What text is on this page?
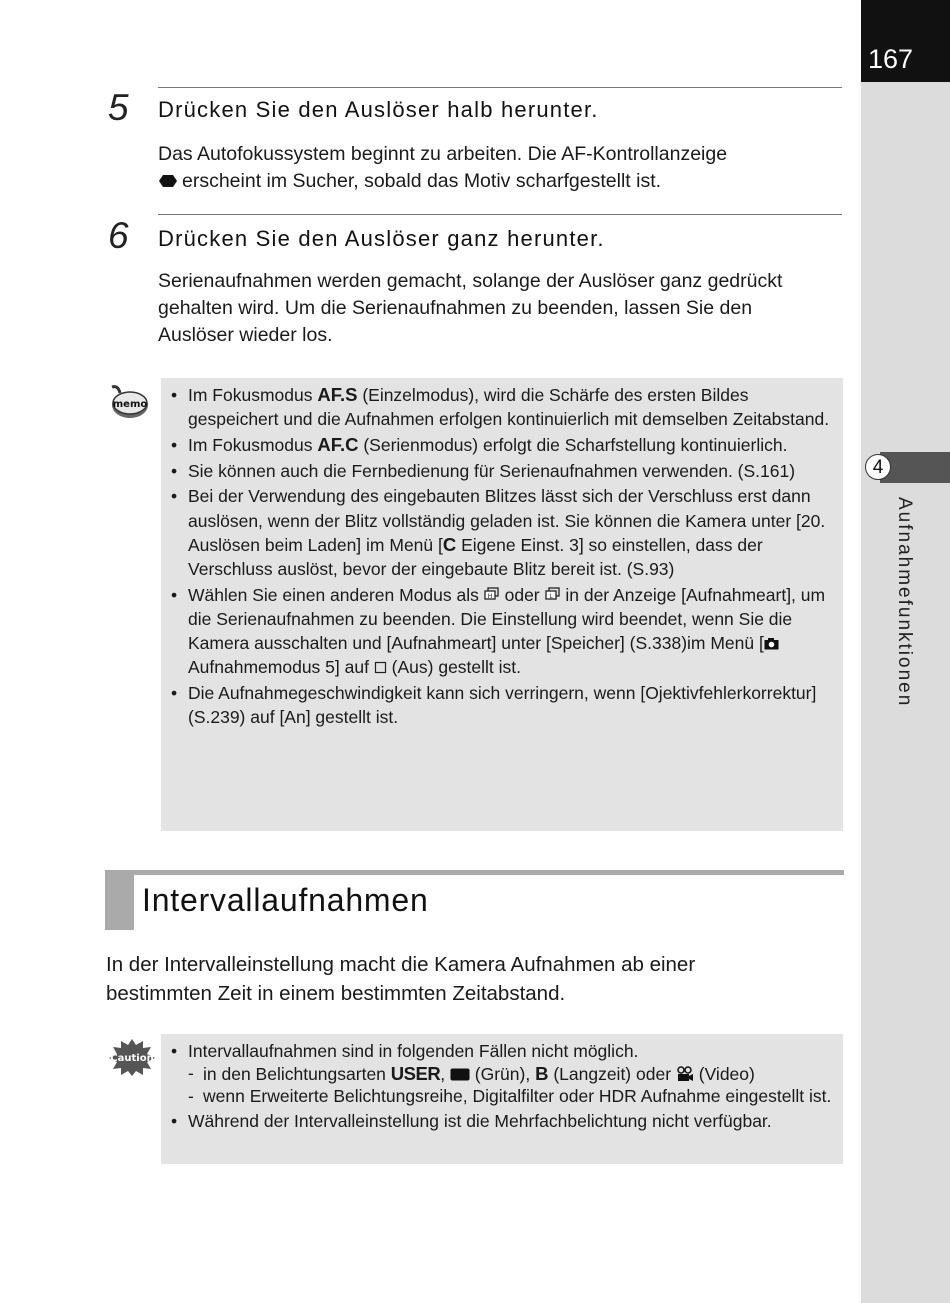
167
4
Aufnahmefunktionen
5 Drücken Sie den Auslöser halb herunter.

Das Autofokussystem beginnt zu arbeiten. Die AF-Kontrollanzeige
erscheint im Sucher, sobald das Motiv scharfgestellt ist.

6 Drücken Sie den Auslöser ganz herunter.

Serienaufnahmen werden gemacht, solange der Auslöser ganz gedrückt
gehalten wird. Um die Serienaufnahmen zu beenden, lassen Sie den
Auslöser wieder los.

memo • Im Fokusmodus AF.S (Einzelmodus), wird die Schärfe des ersten Bildes gespeichert und die Aufnahmen erfolgen kontinuierlich mit demselben Zeitabstand.
• Im Fokusmodus AF.C (Serienmodus) erfolgt die Scharfstellung kontinuierlich.
• Sie können auch die Fernbedienung für Serienaufnahmen verwenden. (S.161)
• Bei der Verwendung des eingebauten Blitzes lässt sich der Verschluss erst dann auslösen, wenn der Blitz vollständig geladen ist. Sie können die Kamera unter [20. Auslösen beim Laden] im Menü [C Eigene Einst. 3] so einstellen, dass der Verschluss auslöst, bevor der eingebaute Blitz bereit ist. (S.93)
• Wählen Sie einen anderen Modus als H oder L in der Anzeige [Aufnahmeart], um die Serienaufnahmen zu beenden. Die Einstellung wird beendet, wenn Sie die Kamera ausschalten und [Aufnahmeart] unter [Speicher] (S.338)im Menü [ Aufnahmemodus 5] auf  (Aus) gestellt ist.
• Die Aufnahmegeschwindigkeit kann sich verringern, wenn [Ojektivfehlerkorrektur] (S.239) auf [An] gestellt ist.
Intervallaufnahmen

In der Intervalleinstellung macht die Kamera Aufnahmen ab einer
bestimmten Zeit in einem bestimmten Zeitabstand.

Caution • Intervallaufnahmen sind in folgenden Fällen nicht möglich.
- in den Belichtungsarten USER,  (Grün), B (Langzeit) oder  (Video)
- wenn Erweiterte Belichtungsreihe, Digitalfilter oder HDR Aufnahme eingestellt ist.
• Während der Intervalleinstellung ist die Mehrfachbelichtung nicht verfügbar.
